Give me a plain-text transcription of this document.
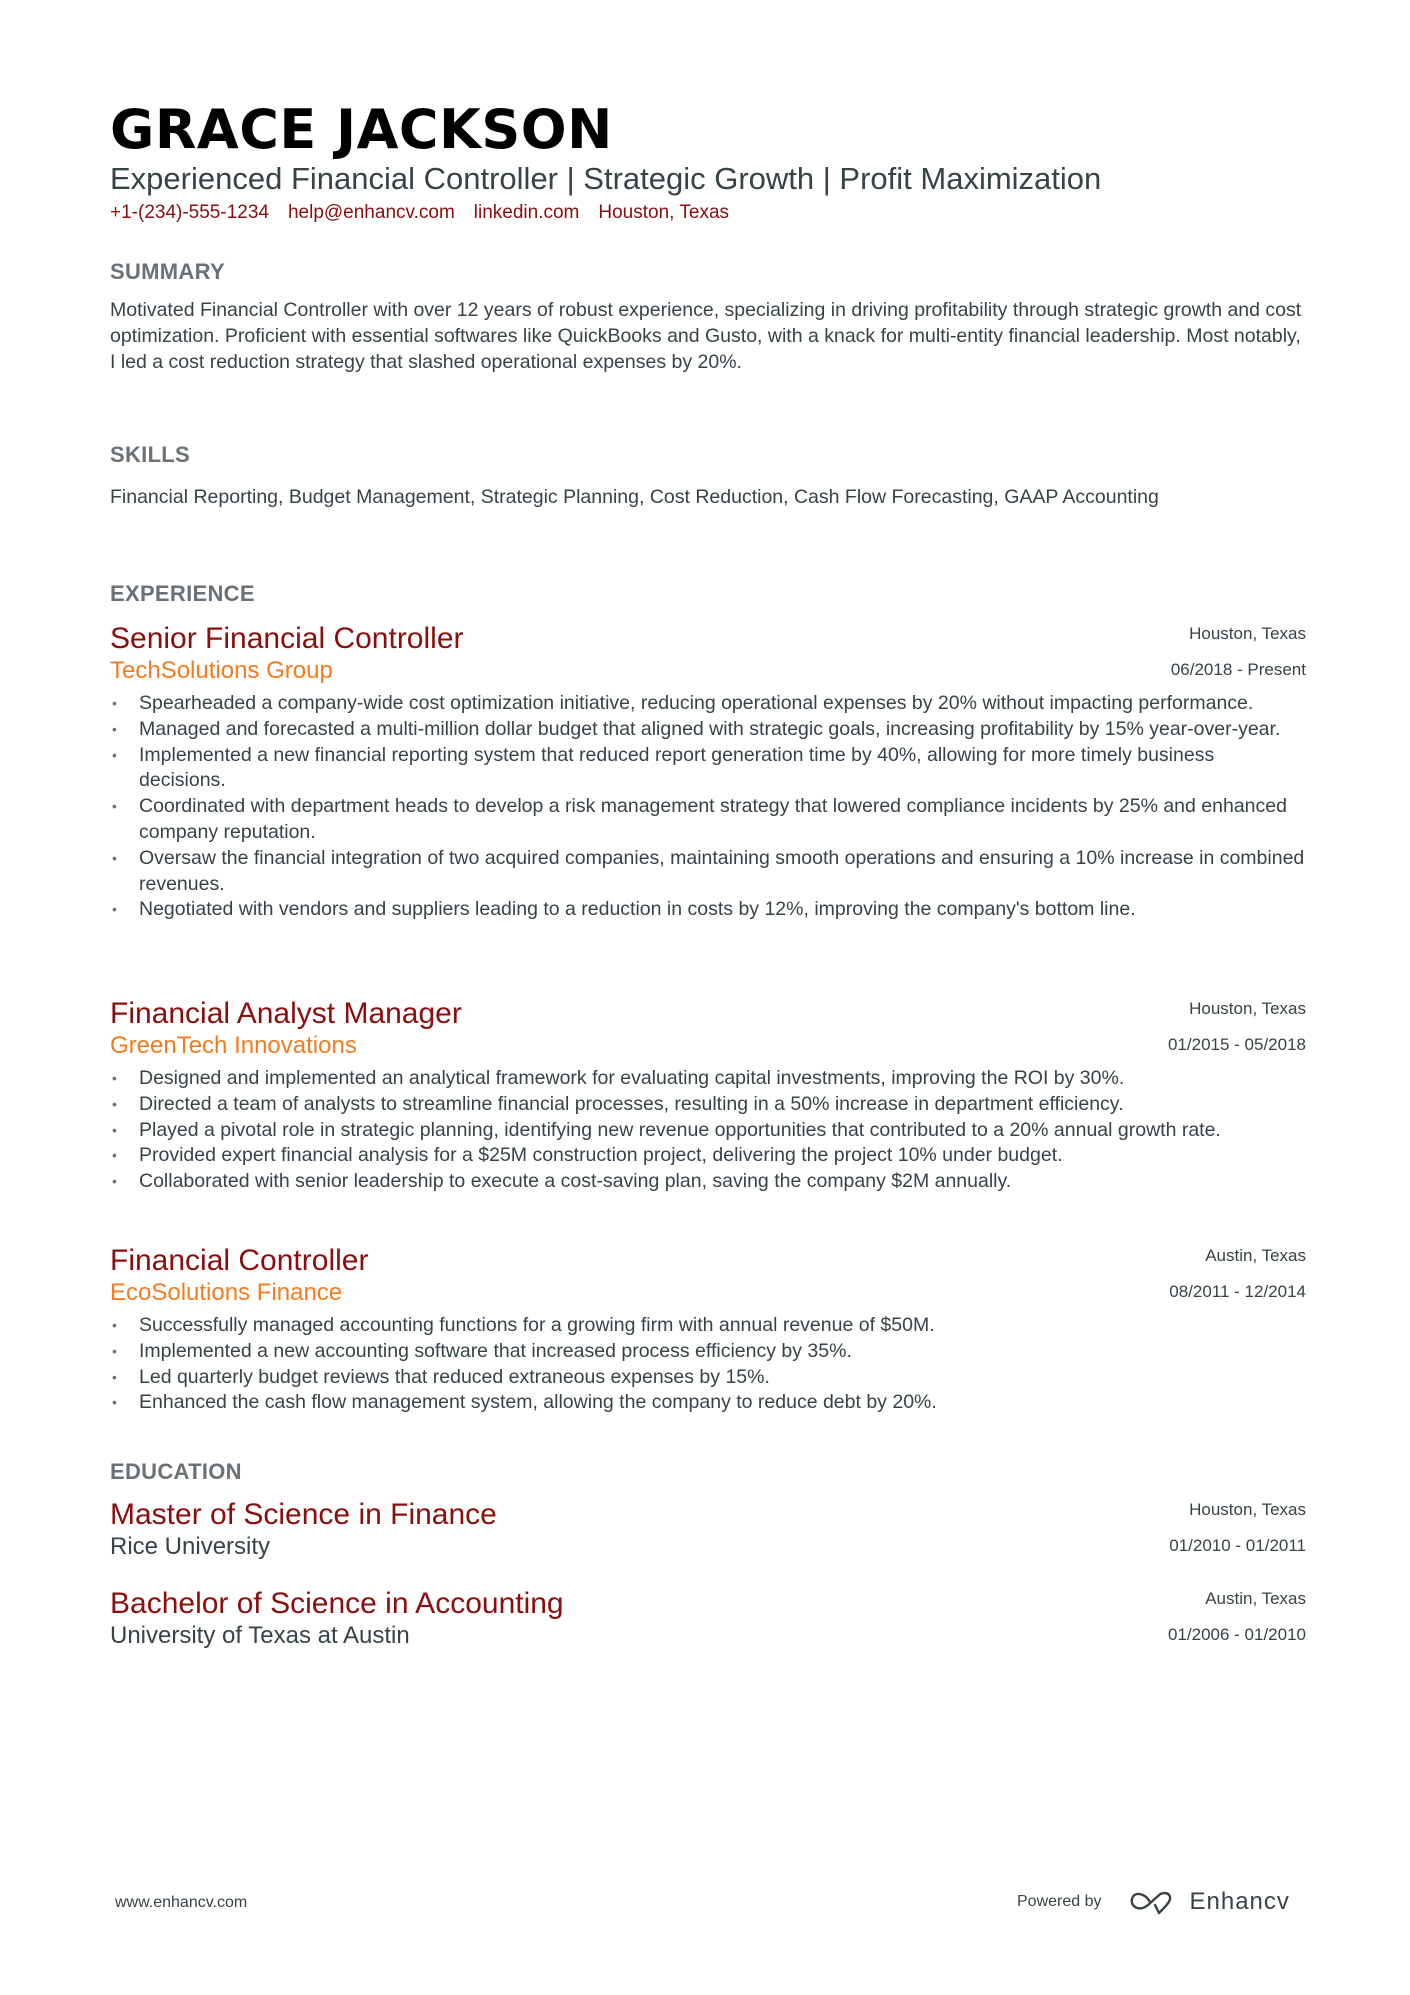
GRACE JACKSON
Experienced Financial Controller | Strategic Growth | Profit Maximization
+1-(234)-555-1234 help@enhancv.com linkedin.com Houston, Texas
SUMMARY
Motivated Financial Controller with over 12 years of robust experience, specializing in driving profitability through strategic growth and cost optimization. Proficient with essential softwares like QuickBooks and Gusto, with a knack for multi-entity financial leadership. Most notably, I led a cost reduction strategy that slashed operational expenses by 20%.
SKILLS
Financial Reporting, Budget Management, Strategic Planning, Cost Reduction, Cash Flow Forecasting, GAAP Accounting
EXPERIENCE
Senior Financial Controller
TechSolutions Group
Houston, Texas
06/2018 - Present
• Spearheaded a company-wide cost optimization initiative, reducing operational expenses by 20% without impacting performance.
• Managed and forecasted a multi-million dollar budget that aligned with strategic goals, increasing profitability by 15% year-over-year.
• Implemented a new financial reporting system that reduced report generation time by 40%, allowing for more timely business decisions.
• Coordinated with department heads to develop a risk management strategy that lowered compliance incidents by 25% and enhanced company reputation.
• Oversaw the financial integration of two acquired companies, maintaining smooth operations and ensuring a 10% increase in combined revenues.
• Negotiated with vendors and suppliers leading to a reduction in costs by 12%, improving the company's bottom line.
Financial Analyst Manager
GreenTech Innovations
Houston, Texas
01/2015 - 05/2018
• Designed and implemented an analytical framework for evaluating capital investments, improving the ROI by 30%.
• Directed a team of analysts to streamline financial processes, resulting in a 50% increase in department efficiency.
• Played a pivotal role in strategic planning, identifying new revenue opportunities that contributed to a 20% annual growth rate.
• Provided expert financial analysis for a $25M construction project, delivering the project 10% under budget.
• Collaborated with senior leadership to execute a cost-saving plan, saving the company $2M annually.
Financial Controller
EcoSolutions Finance
Austin, Texas
08/2011 - 12/2014
• Successfully managed accounting functions for a growing firm with annual revenue of $50M.
• Implemented a new accounting software that increased process efficiency by 35%.
• Led quarterly budget reviews that reduced extraneous expenses by 15%.
• Enhanced the cash flow management system, allowing the company to reduce debt by 20%.
EDUCATION
Master of Science in Finance
Rice University
Houston, Texas
01/2010 - 01/2011
Bachelor of Science in Accounting
University of Texas at Austin
Austin, Texas
01/2006 - 01/2010
www.enhancv.com	Powered by	Enhancv
